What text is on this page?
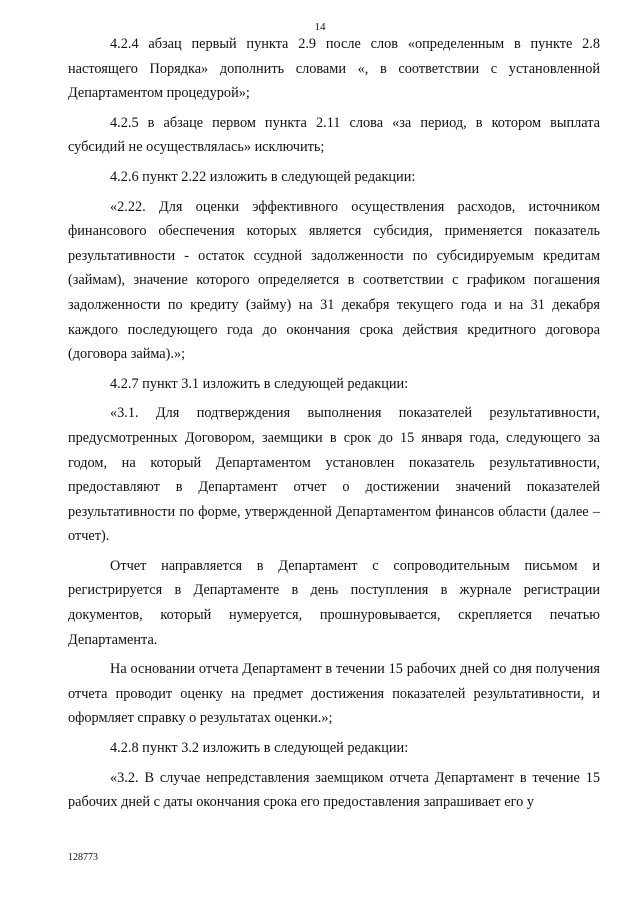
14

4.2.4 абзац первый пункта 2.9 после слов «определенным в пункте 2.8 настоящего Порядка» дополнить словами «, в соответствии с установленной Департаментом процедурой»;

4.2.5 в абзаце первом пункта 2.11 слова «за период, в котором выплата субсидий не осуществлялась» исключить;

4.2.6 пункт 2.22 изложить в следующей редакции:

«2.22. Для оценки эффективного осуществления расходов, источником финансового обеспечения которых является субсидия, применяется показатель результативности - остаток ссудной задолженности по субсидируемым кредитам (займам), значение которого определяется в соответствии с графиком погашения задолженности по кредиту (займу) на 31 декабря текущего года и на 31 декабря каждого последующего года до окончания срока действия кредитного договора (договора займа).»;

4.2.7 пункт 3.1 изложить в следующей редакции:

«3.1. Для подтверждения выполнения показателей результативности, предусмотренных Договором, заемщики в срок до 15 января года, следующего за годом, на который Департаментом установлен показатель результативности, предоставляют в Департамент отчет о достижении значений показателей результативности по форме, утвержденной Департаментом финансов области (далее – отчет).

Отчет направляется в Департамент с сопроводительным письмом и регистрируется в Департаменте в день поступления в журнале регистрации документов, который нумеруется, прошнуровывается, скрепляется печатью Департамента.

На основании отчета Департамент в течении 15 рабочих дней со дня получения отчета проводит оценку на предмет достижения показателей результативности, и оформляет справку о результатах оценки.»;

4.2.8 пункт 3.2 изложить в следующей редакции:

«3.2. В случае непредставления заемщиком отчета Департамент в течение 15 рабочих дней с даты окончания срока его предоставления запрашивает его у

128773
